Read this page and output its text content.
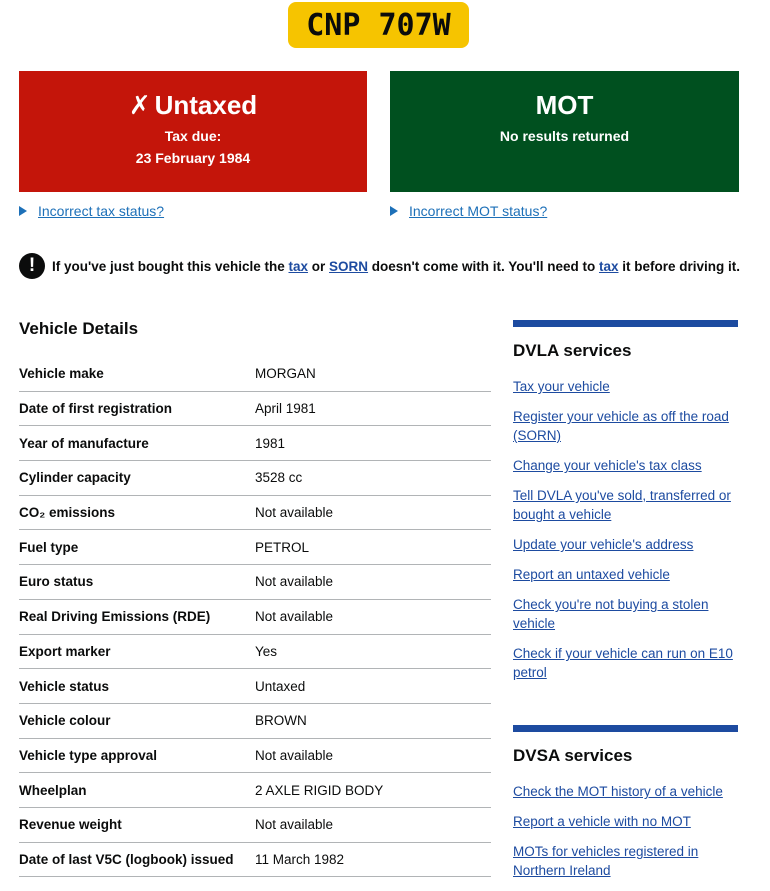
CNP 707W
✗ Untaxed
Tax due:
23 February 1984
MOT
No results returned
Incorrect tax status?	Incorrect MOT status?
!	If you've just bought this vehicle the tax or SORN doesn't come with it. You'll need to tax it before driving it.
Vehicle Details
Vehicle make	MORGAN
Date of first registration	April 1981
Year of manufacture	1981
Cylinder capacity	3528 cc
CO₂ emissions	Not available
Fuel type	PETROL
Euro status	Not available
Real Driving Emissions (RDE)	Not available
Export marker	Yes
Vehicle status	Untaxed
Vehicle colour	BROWN
Vehicle type approval	Not available
Wheelplan	2 AXLE RIGID BODY
Revenue weight	Not available
Date of last V5C (logbook) issued	11 March 1982
DVLA services
Tax your vehicle
Register your vehicle as off the road (SORN)
Change your vehicle's tax class
Tell DVLA you've sold, transferred or bought a vehicle
Update your vehicle's address
Report an untaxed vehicle
Check you're not buying a stolen vehicle
Check if your vehicle can run on E10 petrol
DVSA services
Check the MOT history of a vehicle
Report a vehicle with no MOT
MOTs for vehicles registered in Northern Ireland
